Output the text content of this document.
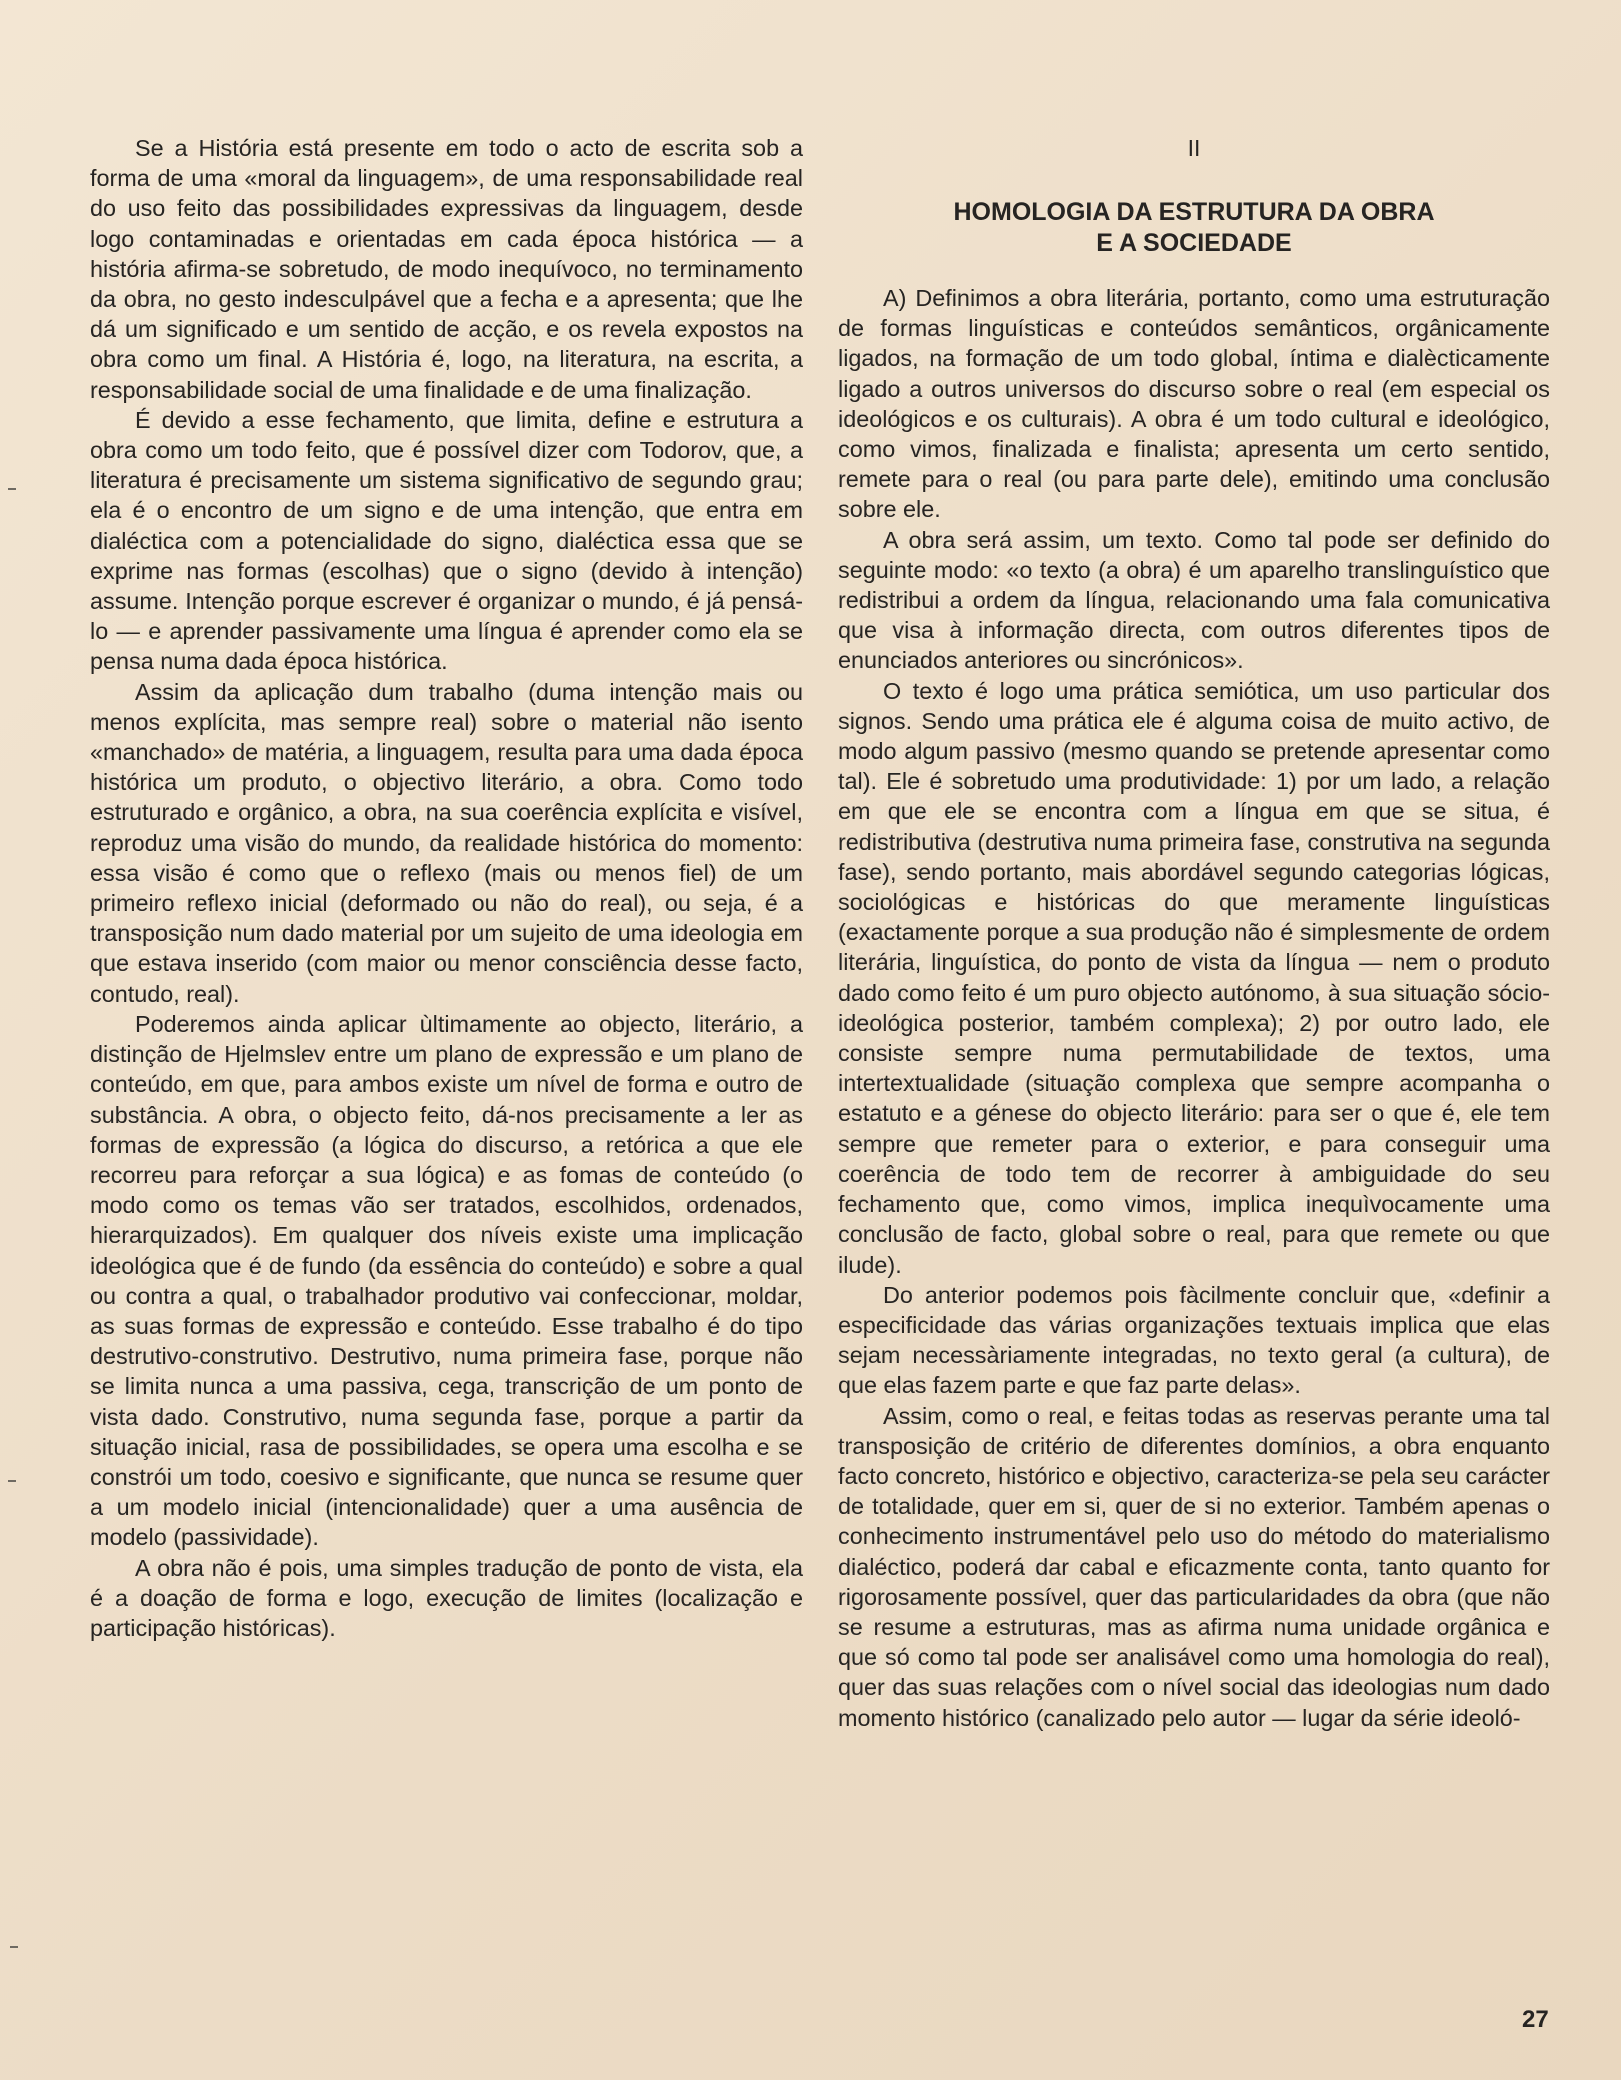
Se a História está presente em todo o acto de escrita sob a forma de uma «moral da linguagem», de uma responsabilidade real do uso feito das possibilidades expressivas da linguagem, desde logo contaminadas e orientadas em cada época histórica — a história afirma-se sobretudo, de modo inequívoco, no terminamento da obra, no gesto indesculpável que a fecha e a apresenta; que lhe dá um significado e um sentido de acção, e os revela expostos na obra como um final. A História é, logo, na literatura, na escrita, a responsabilidade social de uma finalidade e de uma finalização.

É devido a esse fechamento, que limita, define e estrutura a obra como um todo feito, que é possível dizer com Todorov, que, a literatura é precisamente um sistema significativo de segundo grau; ela é o encontro de um signo e de uma intenção, que entra em dialéctica com a potencialidade do signo, dialéctica essa que se exprime nas formas (escolhas) que o signo (devido à intenção) assume. Intenção porque escrever é organizar o mundo, é já pensá-lo — e aprender passivamente uma língua é aprender como ela se pensa numa dada época histórica.

Assim da aplicação dum trabalho (duma intenção mais ou menos explícita, mas sempre real) sobre o material não isento «manchado» de matéria, a linguagem, resulta para uma dada época histórica um produto, o objectivo literário, a obra. Como todo estruturado e orgânico, a obra, na sua coerência explícita e visível, reproduz uma visão do mundo, da realidade histórica do momento: essa visão é como que o reflexo (mais ou menos fiel) de um primeiro reflexo inicial (deformado ou não do real), ou seja, é a transposição num dado material por um sujeito de uma ideologia em que estava inserido (com maior ou menor consciência desse facto, contudo, real).

Poderemos ainda aplicar ùltimamente ao objecto, literário, a distinção de Hjelmslev entre um plano de expressão e um plano de conteúdo, em que, para ambos existe um nível de forma e outro de substância. A obra, o objecto feito, dá-nos precisamente a ler as formas de expressão (a lógica do discurso, a retórica a que ele recorreu para reforçar a sua lógica) e as fomas de conteúdo (o modo como os temas vão ser tratados, escolhidos, ordenados, hierarquizados). Em qualquer dos níveis existe uma implicação ideológica que é de fundo (da essência do conteúdo) e sobre a qual ou contra a qual, o trabalhador produtivo vai confeccionar, moldar, as suas formas de expressão e conteúdo. Esse trabalho é do tipo destrutivo-construtivo. Destrutivo, numa primeira fase, porque não se limita nunca a uma passiva, cega, transcrição de um ponto de vista dado. Construtivo, numa segunda fase, porque a partir da situação inicial, rasa de possibilidades, se opera uma escolha e se constrói um todo, coesivo e significante, que nunca se resume quer a um modelo inicial (intencionalidade) quer a uma ausência de modelo (passividade).

A obra não é pois, uma simples tradução de ponto de vista, ela é a doação de forma e logo, execução de limites (localização e participação históricas).

II
HOMOLOGIA DA ESTRUTURA DA OBRA
E A SOCIEDADE

A) Definimos a obra literária, portanto, como uma estruturação de formas linguísticas e conteúdos semânticos, orgânicamente ligados, na formação de um todo global, íntima e dialècticamente ligado a outros universos do discurso sobre o real (em especial os ideológicos e os culturais). A obra é um todo cultural e ideológico, como vimos, finalizada e finalista; apresenta um certo sentido, remete para o real (ou para parte dele), emitindo uma conclusão sobre ele.

A obra será assim, um texto. Como tal pode ser definido do seguinte modo: «o texto (a obra) é um aparelho translinguístico que redistribui a ordem da língua, relacionando uma fala comunicativa que visa à informação directa, com outros diferentes tipos de enunciados anteriores ou sincrónicos».

O texto é logo uma prática semiótica, um uso particular dos signos. Sendo uma prática ele é alguma coisa de muito activo, de modo algum passivo (mesmo quando se pretende apresentar como tal). Ele é sobretudo uma produtividade: 1) por um lado, a relação em que ele se encontra com a língua em que se situa, é redistributiva (destrutiva numa primeira fase, construtiva na segunda fase), sendo portanto, mais abordável segundo categorias lógicas, sociológicas e históricas do que meramente linguísticas (exactamente porque a sua produção não é simplesmente de ordem literária, linguística, do ponto de vista da língua — nem o produto dado como feito é um puro objecto autónomo, à sua situação sócio-ideológica posterior, também complexa); 2) por outro lado, ele consiste sempre numa permutabilidade de textos, uma intertextualidade (situação complexa que sempre acompanha o estatuto e a génese do objecto literário: para ser o que é, ele tem sempre que remeter para o exterior, e para conseguir uma coerência de todo tem de recorrer à ambiguidade do seu fechamento que, como vimos, implica inequìvocamente uma conclusão de facto, global sobre o real, para que remete ou que ilude).

Do anterior podemos pois fàcilmente concluir que, «definir a especificidade das várias organizações textuais implica que elas sejam necessàriamente integradas, no texto geral (a cultura), de que elas fazem parte e que faz parte delas».

Assim, como o real, e feitas todas as reservas perante uma tal transposição de critério de diferentes domínios, a obra enquanto facto concreto, histórico e objectivo, caracteriza-se pela seu carácter de totalidade, quer em si, quer de si no exterior. Também apenas o conhecimento instrumentável pelo uso do método do materialismo dialéctico, poderá dar cabal e eficazmente conta, tanto quanto for rigorosamente possível, quer das particularidades da obra (que não se resume a estruturas, mas as afirma numa unidade orgânica e que só como tal pode ser analisável como uma homologia do real), quer das suas relações com o nível social das ideologias num dado momento histórico (canalizado pelo autor — lugar da série ideoló-

27
